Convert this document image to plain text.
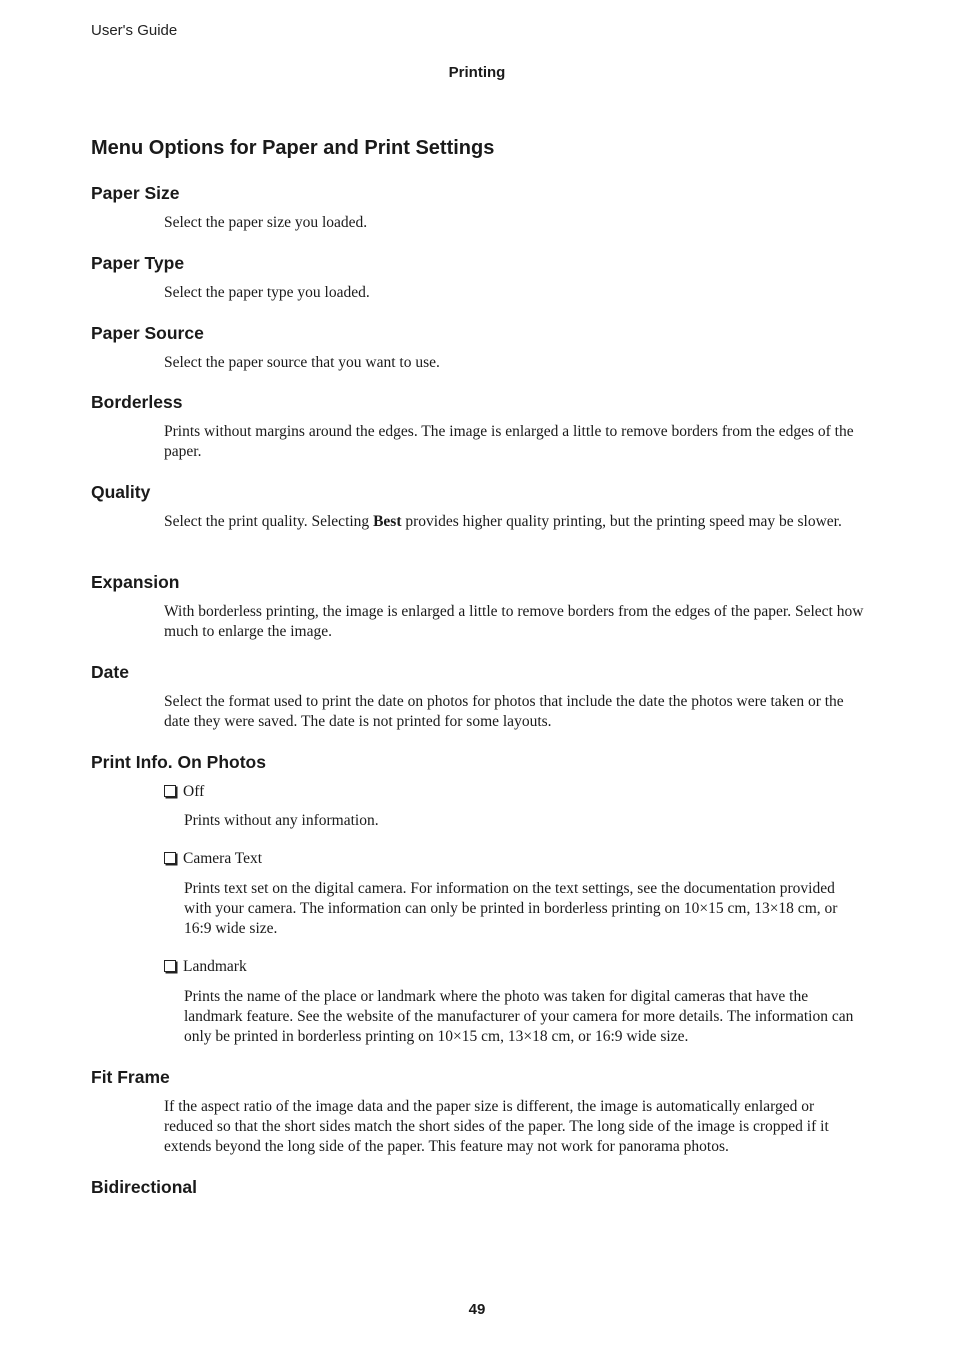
User's Guide
Printing
Menu Options for Paper and Print Settings
Paper Size

Select the paper size you loaded.

Paper Type

Select the paper type you loaded.

Paper Source

Select the paper source that you want to use.

Borderless

Prints without margins around the edges. The image is enlarged a little to remove borders from the edges of the paper.

Quality

Select the print quality. Selecting Best provides higher quality printing, but the printing speed may be slower.

Expansion

With borderless printing, the image is enlarged a little to remove borders from the edges of the paper. Select how much to enlarge the image.

Date

Select the format used to print the date on photos for photos that include the date the photos were taken or the date they were saved. The date is not printed for some layouts.

Print Info. On Photos
Off

Prints without any information.

Camera Text

Prints text set on the digital camera. For information on the text settings, see the documentation provided with your camera. The information can only be printed in borderless printing on 10×15 cm, 13×18 cm, or 16:9 wide size.

Landmark

Prints the name of the place or landmark where the photo was taken for digital cameras that have the landmark feature. See the website of the manufacturer of your camera for more details. The information can only be printed in borderless printing on 10×15 cm, 13×18 cm, or 16:9 wide size.

Fit Frame

If the aspect ratio of the image data and the paper size is different, the image is automatically enlarged or reduced so that the short sides match the short sides of the paper. The long side of the image is cropped if it extends beyond the long side of the paper. This feature may not work for panorama photos.

Bidirectional
49
